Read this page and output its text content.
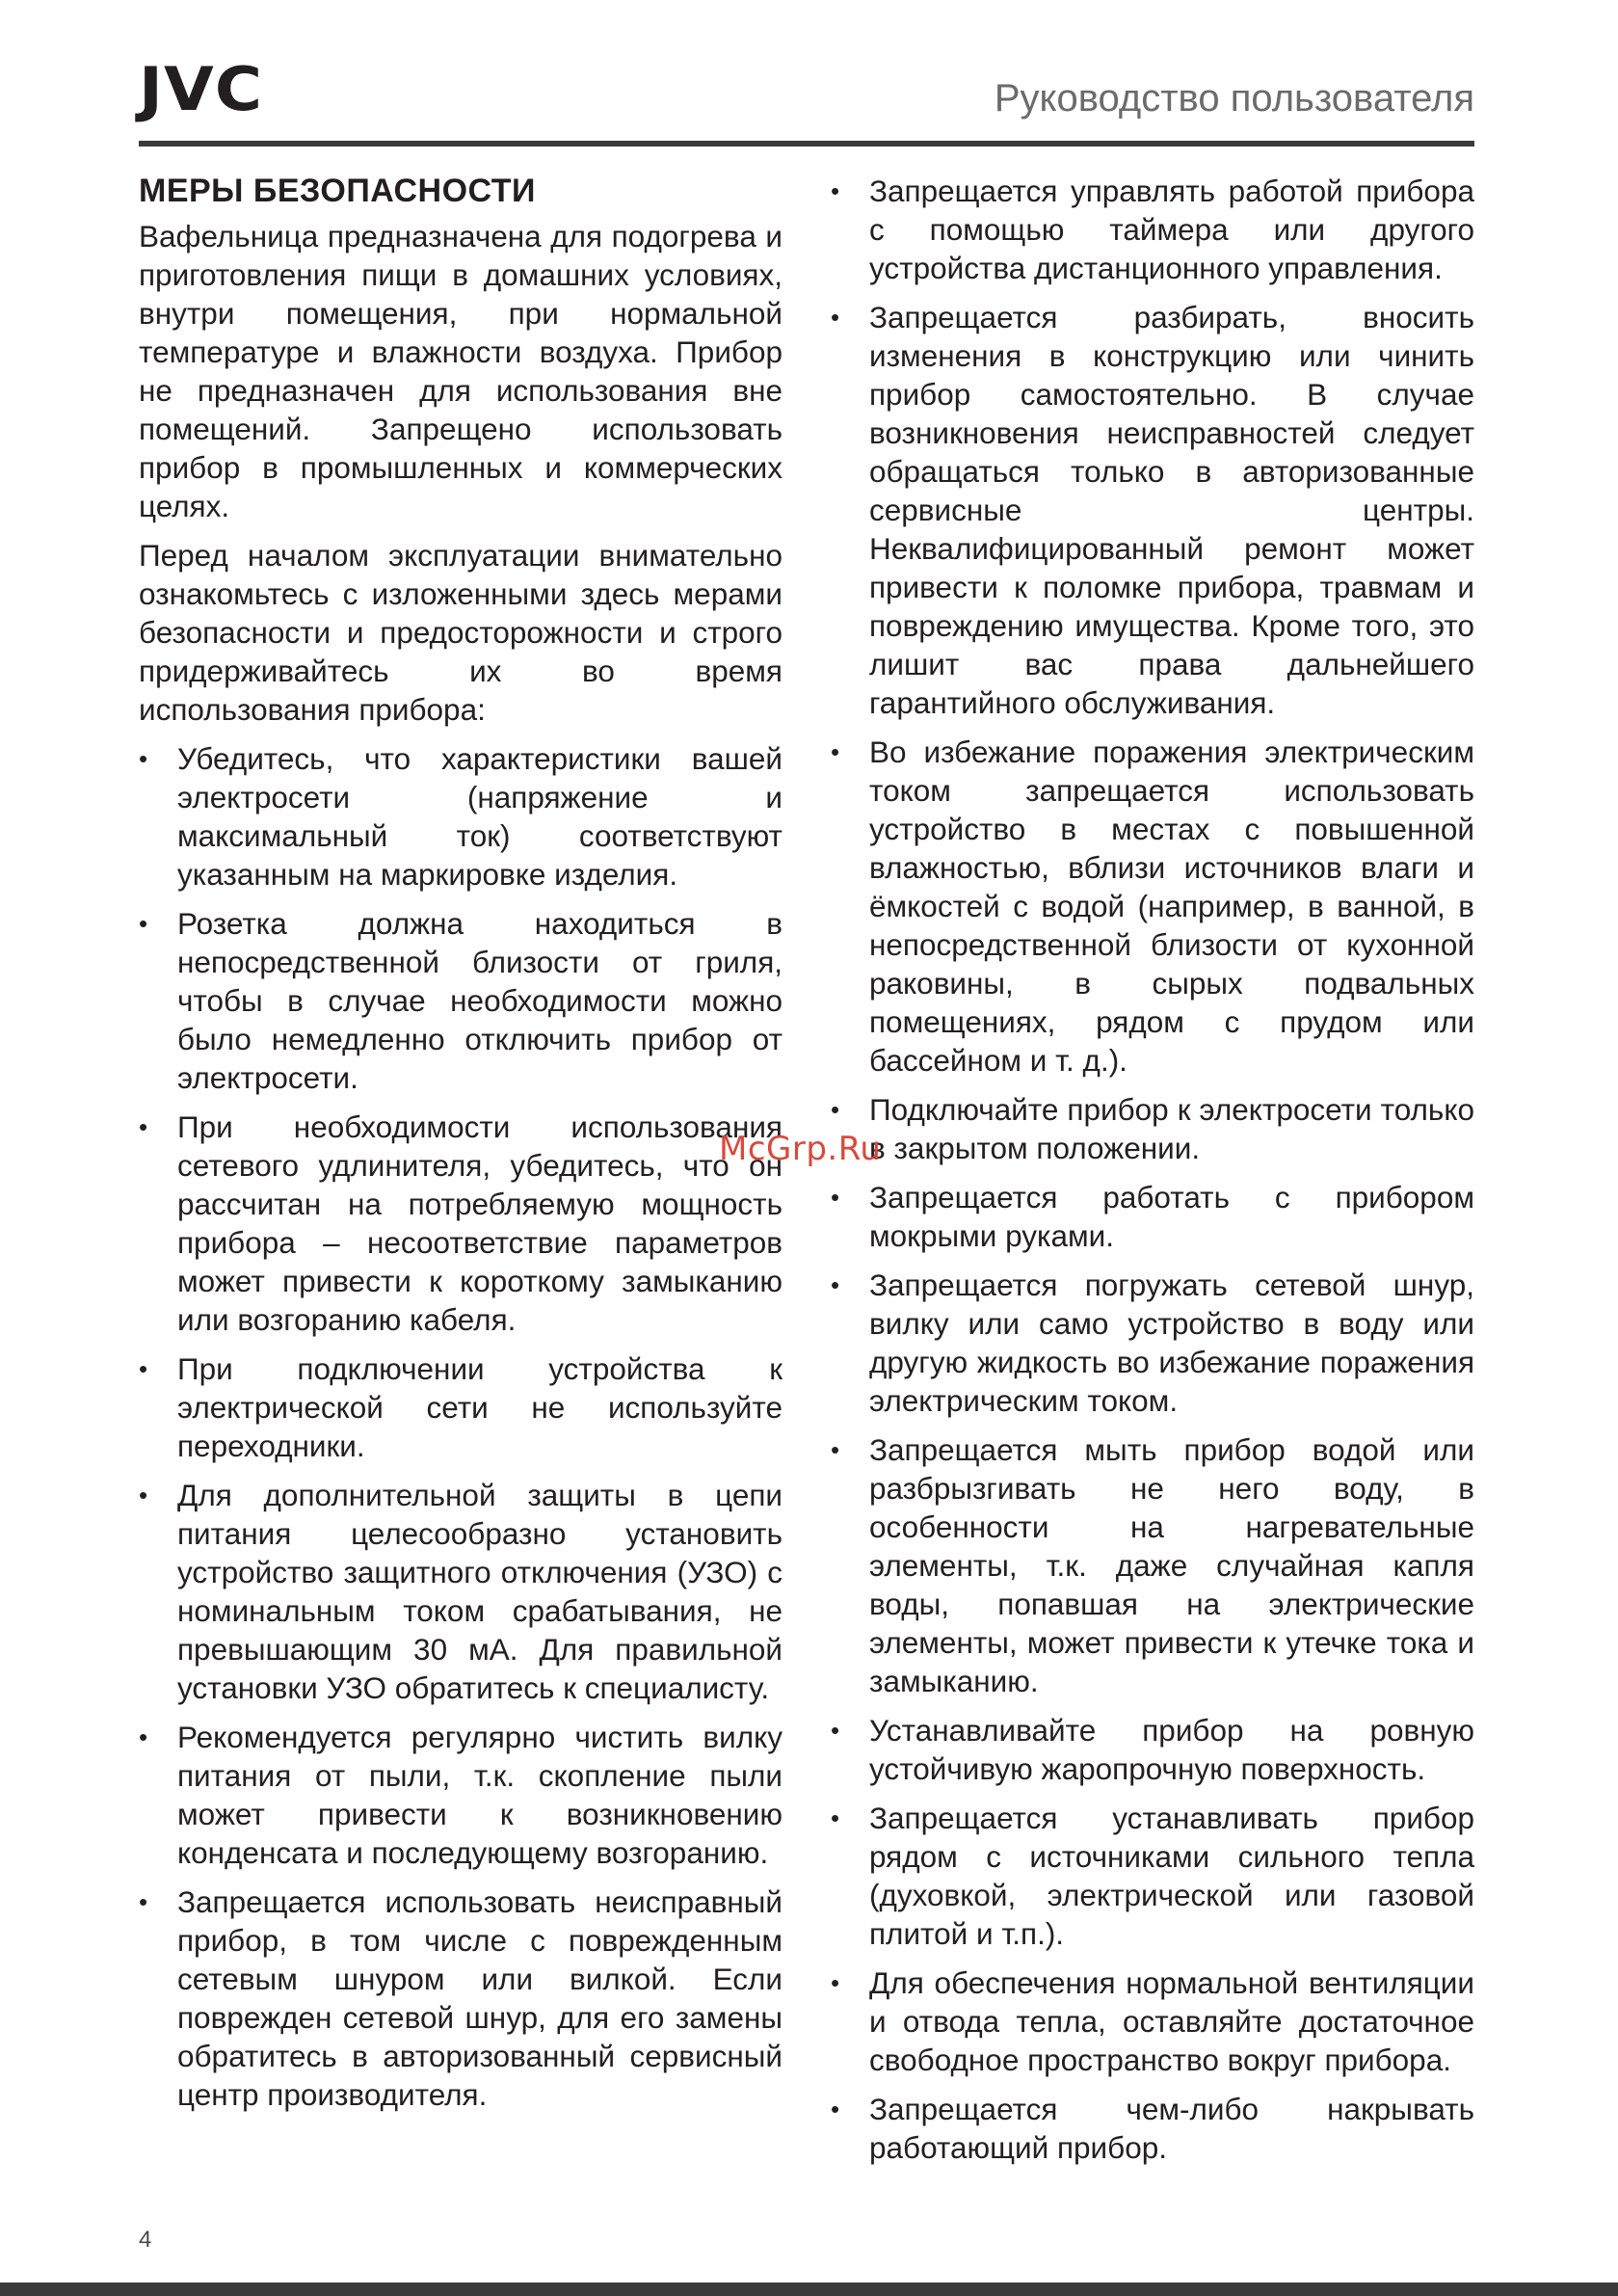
JVC	Руководство пользователя
МЕРЫ БЕЗОПАСНОСТИ

Вафельница предназначена для подогрева и приготовления пищи в домашних условиях, внутри помещения, при нормальной температуре и влажности воздуха. Прибор не предназначен для использования вне помещений. Запрещено использовать прибор в промышленных и коммерческих целях.

Перед началом эксплуатации внимательно ознакомьтесь с изложенными здесь мерами безопасности и предосторожности и строго придерживайтесь их во время использования прибора:

• Убедитесь, что характеристики вашей электросети (напряжение и максимальный ток) соответствуют указанным на маркировке изделия.
• Розетка должна находиться в непосредственной близости от гриля, чтобы в случае необходимости можно было немедленно отключить прибор от электросети.
• При необходимости использования сетевого удлинителя, убедитесь, что он рассчитан на потребляемую мощность прибора – несоответствие параметров может привести к короткому замыканию или возгоранию кабеля.
• При подключении устройства к электрической сети не используйте переходники.
• Для дополнительной защиты в цепи питания целесообразно установить устройство защитного отключения (УЗО) с номинальным током срабатывания, не превышающим 30 мА. Для правильной установки УЗО обратитесь к специалисту.
• Рекомендуется регулярно чистить вилку питания от пыли, т.к. скопление пыли может привести к возникновению конденсата и последующему возгоранию.
• Запрещается использовать неисправный прибор, в том числе с поврежденным сетевым шнуром или вилкой. Если поврежден сетевой шнур, для его замены обратитесь в авторизованный сервисный центр производителя.
• Запрещается управлять работой прибора с помощью таймера или другого устройства дистанционного управления.
• Запрещается разбирать, вносить изменения в конструкцию или чинить прибор самостоятельно. В случае возникновения неисправностей следует обращаться только в авторизованные сервисные центры. Неквалифицированный ремонт может привести к поломке прибора, травмам и повреждению имущества. Кроме того, это лишит вас права дальнейшего гарантийного обслуживания.
• Во избежание поражения электрическим током запрещается использовать устройство в местах с повышенной влажностью, вблизи источников влаги и ёмкостей с водой (например, в ванной, в непосредственной близости от кухонной раковины, в сырых подвальных помещениях, рядом с прудом или бассейном и т. д.).
• Подключайте прибор к электросети только в закрытом положении.
• Запрещается работать с прибором мокрыми руками.
• Запрещается погружать сетевой шнур, вилку или само устройство в воду или другую жидкость во избежание поражения электрическим током.
• Запрещается мыть прибор водой или разбрызгивать не него воду, в особенности на нагревательные элементы, т.к. даже случайная капля воды, попавшая на электрические элементы, может привести к утечке тока и замыканию.
• Устанавливайте прибор на ровную устойчивую жаропрочную поверхность.
• Запрещается устанавливать прибор рядом с источниками сильного тепла (духовкой, электрической или газовой плитой и т.п.).
• Для обеспечения нормальной вентиляции и отвода тепла, оставляйте достаточное свободное пространство вокруг прибора.
• Запрещается чем-либо накрывать работающий прибор.
McGrp.Ru
4
